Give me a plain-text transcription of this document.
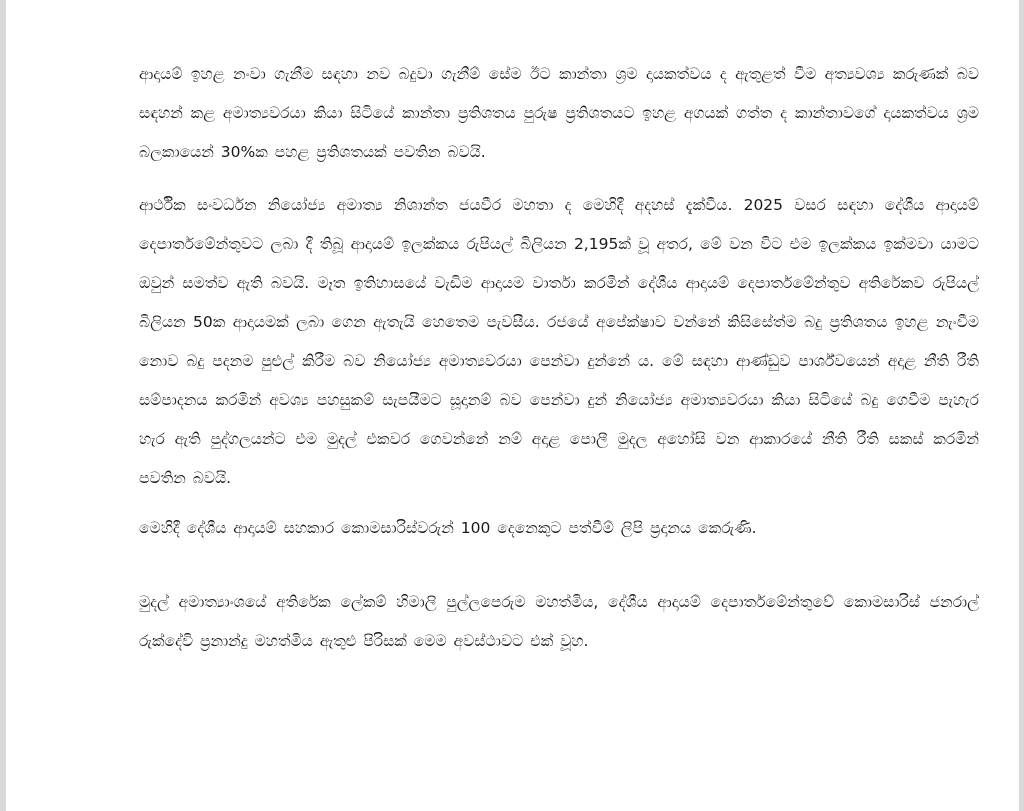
ආදායම් ඉහළ නංවා ගැනීම සඳහා නව බදුවා ගැනීම් සේම ඊට කාන්තා ශ්‍රම දායකත්වය ද ඇතුළත් වීම අත්‍යවශ්‍ය කරුණක් බව සඳහන් කළ අමාත්‍යවරයා කියා සිටියේ කාන්තා ප්‍රතිශතය පුරුෂ ප්‍රතිශතයට ඉහළ අගයක් ගත්ත ද කාන්තාවගේ දායකත්වය ශ්‍රම බලකායෙන් 30%ක පහළ ප්‍රතිශතයක් පවතින බවයි.

ආර්ථික සංවර්ධන නියෝජ්‍ය අමාත්‍ය නිශාන්ත ජයවීර මහතා ද මෙහිදී අදහස් දැක්වීය. 2025 වසර සඳහා දේශීය ආදායම් දෙපාර්තමේන්තුවට ලබා දී තිබූ ආදායම් ඉලක්කය රුපියල් බිලියන 2,195ක් වූ අතර, මේ වන විට එම ඉලක්කය ඉක්මවා යාමට ඔවුන් සමත්ව ඇති බවයි. මෑත ඉතිහාසයේ වැඩිම ආදායම වාර්තා කරමින් දේශීය ආදායම් දෙපාර්තමේන්තුව අතිරේකව රුපියල් බිලියන 50ක ආදායමක් ලබා ගෙන ඇතැයි හෙතෙම පැවසීය. රජයේ අපේක්ෂාව වන්නේ කිසිසේත්ම බදු ප්‍රතිශතය ඉහළ නැංවීම නොව බදු පදනම පුළුල් කිරීම බව නියෝජ්‍ය අමාත්‍යවරයා පෙන්වා දුන්නේ ය. මේ සඳහා ආණ්ඩුව පාර්ශ්වයෙන් අදාළ නීති රීති සම්පාදනය කරමින් අවශ්‍ය පහසුකම් සැපයීමට සූදානම් බව පෙන්වා දුන් නියෝජ්‍ය අමාත්‍යවරයා කියා සිටියේ බදු ගෙවීම පැහැර හැර ඇති පුද්ගලයන්ට එම මුදල් එකවර ගෙවන්නේ නම් අදාළ පොලී මුදල අහෝසි වන ආකාරයේ නීති රීති සකස් කරමින් පවතින බවයි.

මෙහිදී දේශීය ආදායම් සහකාර කොමසාරිස්වරුන් 100 දෙනෙකුට පත්වීම් ලිපි ප්‍රදානය කෙරුණි.

මුදල් අමාත්‍යාංශයේ අතිරේක ලේකම් හිමාලි පුල්ලපෙරුම මහත්මිය, දේශීය ආදායම් දෙපාර්තමේන්තුවේ කොමසාරිස් ජනරාල් රුක්දේවි ප්‍රනාන්දු මහත්මිය ඇතුළු පිරිසක් මෙම අවස්ථාවට එක් වූහ.
